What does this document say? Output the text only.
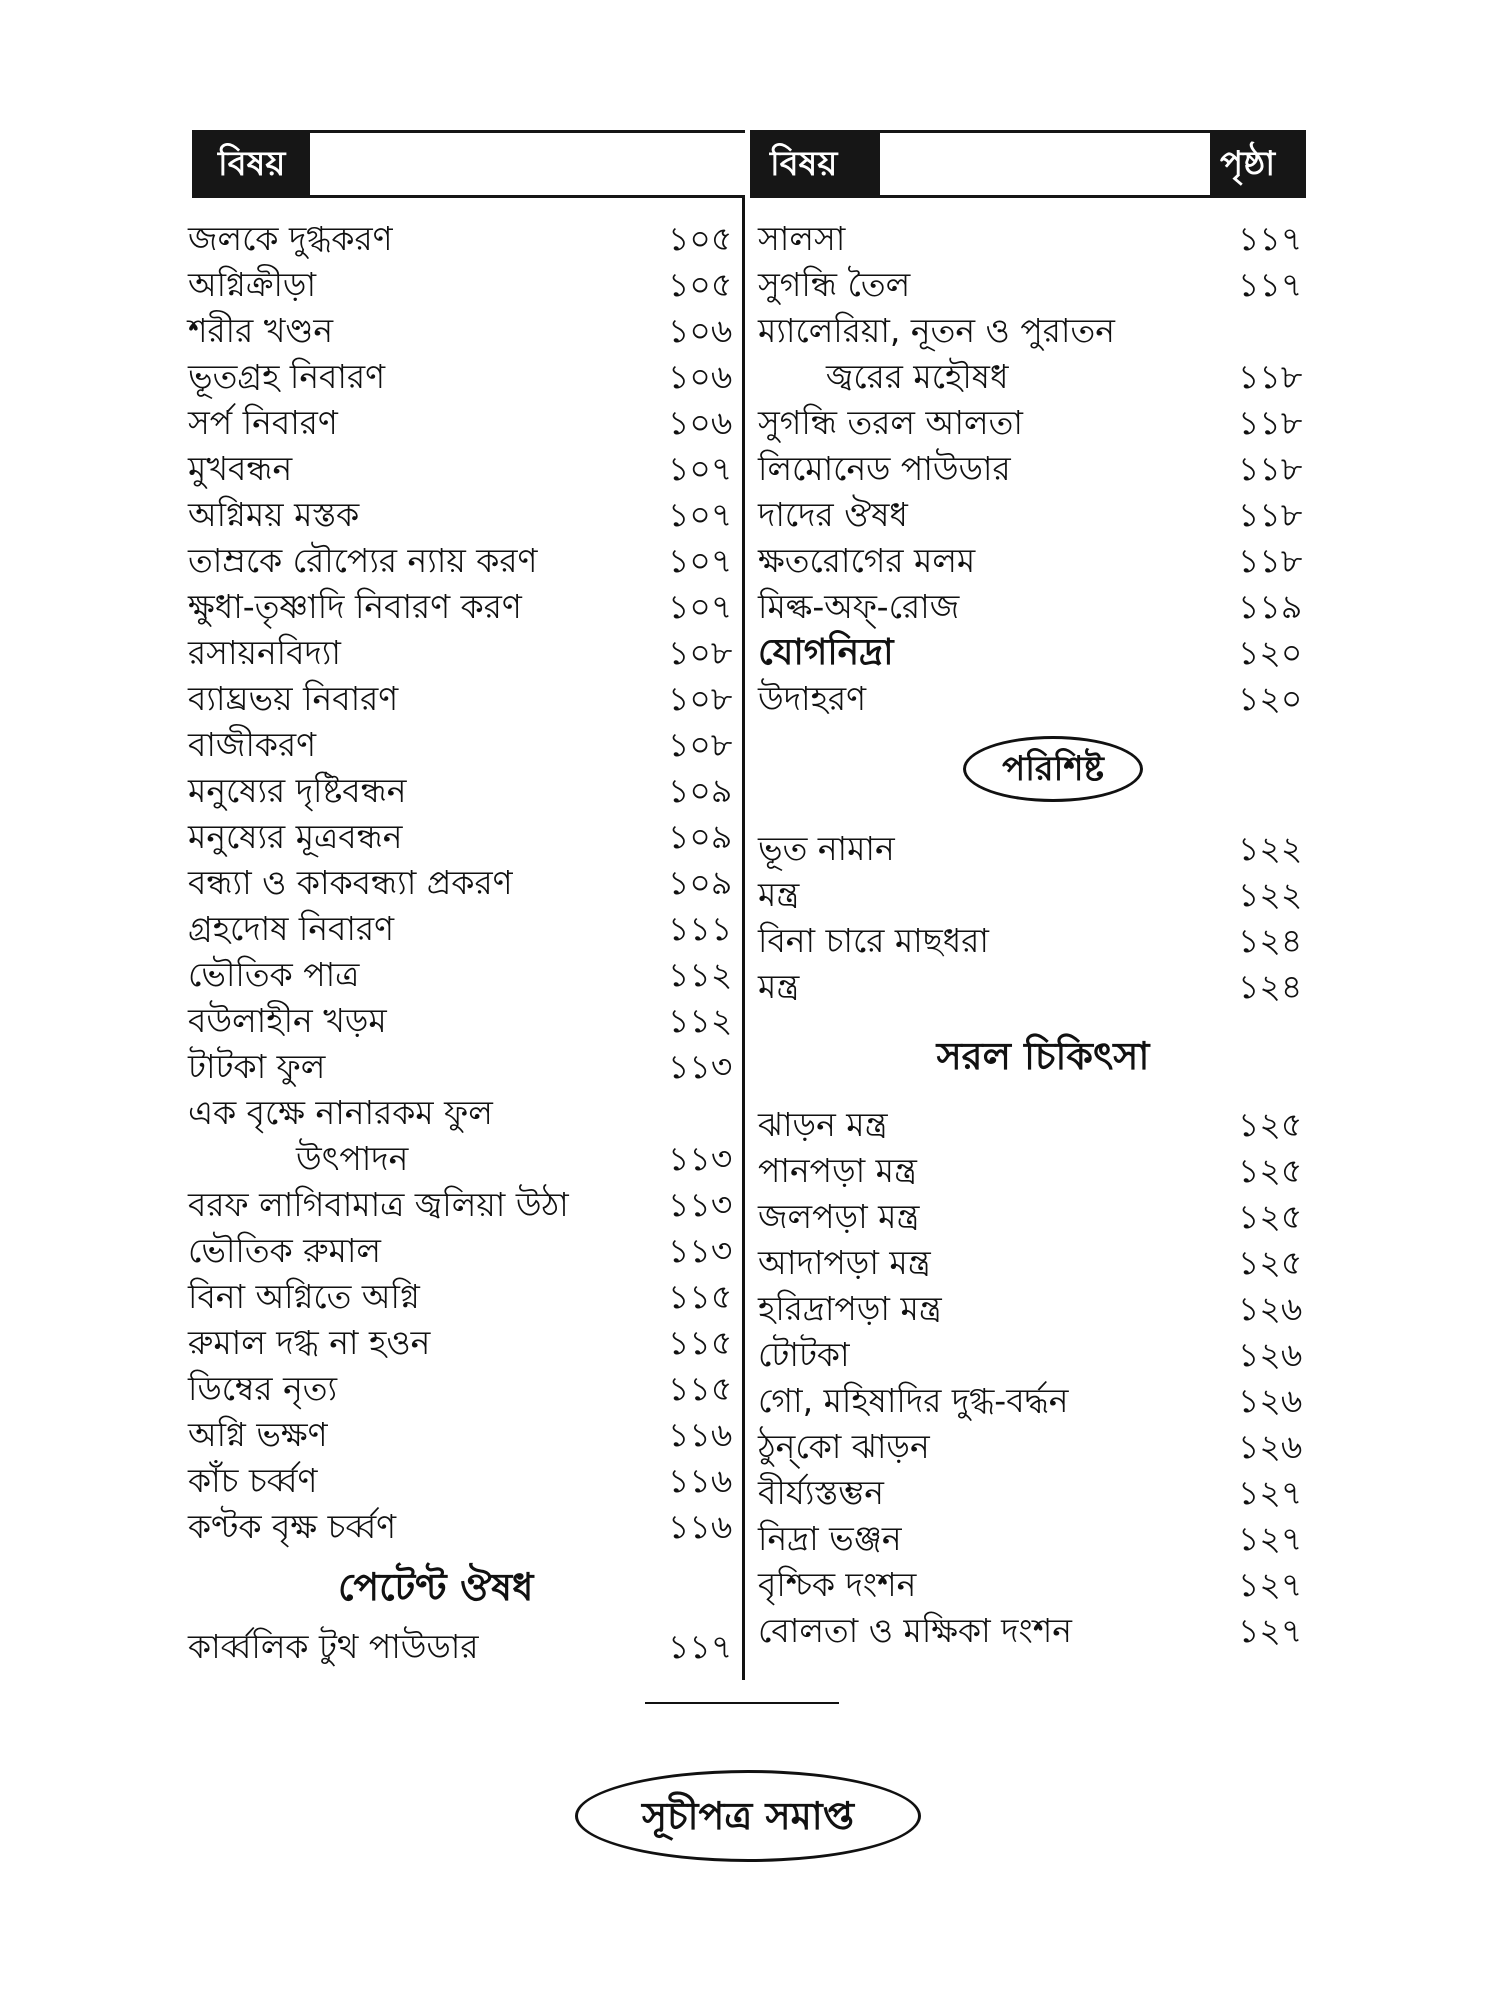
বিষয়	পৃষ্ঠা বিষয়	পৃষ্ঠা
জলকে দুগ্ধকরণ	১০৫
অগ্নিক্রীড়া	১০৫
শরীর খণ্ডন	১০৬
ভূতগ্রহ নিবারণ	১০৬
সর্প নিবারণ	১০৬
মুখবন্ধন	১০৭
অগ্নিময় মস্তক	১০৭
তাম্রকে রৌপ্যের ন্যায় করণ	১০৭
ক্ষুধা-তৃষ্ণাদি নিবারণ করণ	১০৭
রসায়নবিদ্যা	১০৮
ব্যাঘ্রভয় নিবারণ	১০৮
বাজীকরণ	১০৮
মনুষ্যের দৃষ্টিবন্ধন	১০৯
মনুষ্যের মূত্রবন্ধন	১০৯
বন্ধ্যা ও কাকবন্ধ্যা প্রকরণ	১০৯
গ্রহদোষ নিবারণ	১১১
ভৌতিক পাত্র	১১২
বউলাহীন খড়ম	১১২
টাটকা ফুল	১১৩
এক বৃক্ষে নানারকম ফুল
উৎপাদন	১১৩
বরফ লাগিবামাত্র জ্বলিয়া উঠা	১১৩
ভৌতিক রুমাল	১১৩
বিনা অগ্নিতে অগ্নি	১১৫
রুমাল দগ্ধ না হওন	১১৫
ডিম্বের নৃত্য	১১৫
অগ্নি ভক্ষণ	১১৬
কাঁচ চর্ব্বণ	১১৬
কণ্টক বৃক্ষ চর্ব্বণ	১১৬
পেটেণ্ট ঔষধ
কার্ব্বলিক টুথ পাউডার	১১৭
সালসা	১১৭
সুগন্ধি তৈল	১১৭
ম্যালেরিয়া, নূতন ও পুরাতন
জ্বরের মহৌষধ	১১৮
সুগন্ধি তরল আলতা	১১৮
লিমোনেড পাউডার	১১৮
দাদের ঔষধ	১১৮
ক্ষতরোগের মলম	১১৮
মিল্ক-অফ্-রোজ	১১৯
যোগনিদ্রা	১২০
উদাহরণ	১২০
পরিশিষ্ট
ভূত নামান	১২২
মন্ত্র	১২২
বিনা চারে মাছধরা	১২৪
মন্ত্র	১২৪
সরল চিকিৎসা
ঝাড়ন মন্ত্র	১২৫
পানপড়া মন্ত্র	১২৫
জলপড়া মন্ত্র	১২৫
আদাপড়া মন্ত্র	১২৫
হরিদ্রাপড়া মন্ত্র	১২৬
টোটকা	১২৬
গো, মহিষাদির দুগ্ধ-বর্দ্ধন	১২৬
ঠুন্‌কো ঝাড়ন	১২৬
বীর্য্যস্তম্ভন	১২৭
নিদ্রা ভঞ্জন	১২৭
বৃশ্চিক দংশন	১২৭
বোলতা ও মক্ষিকা দংশন	১২৭
সূচীপত্র সমাপ্ত
